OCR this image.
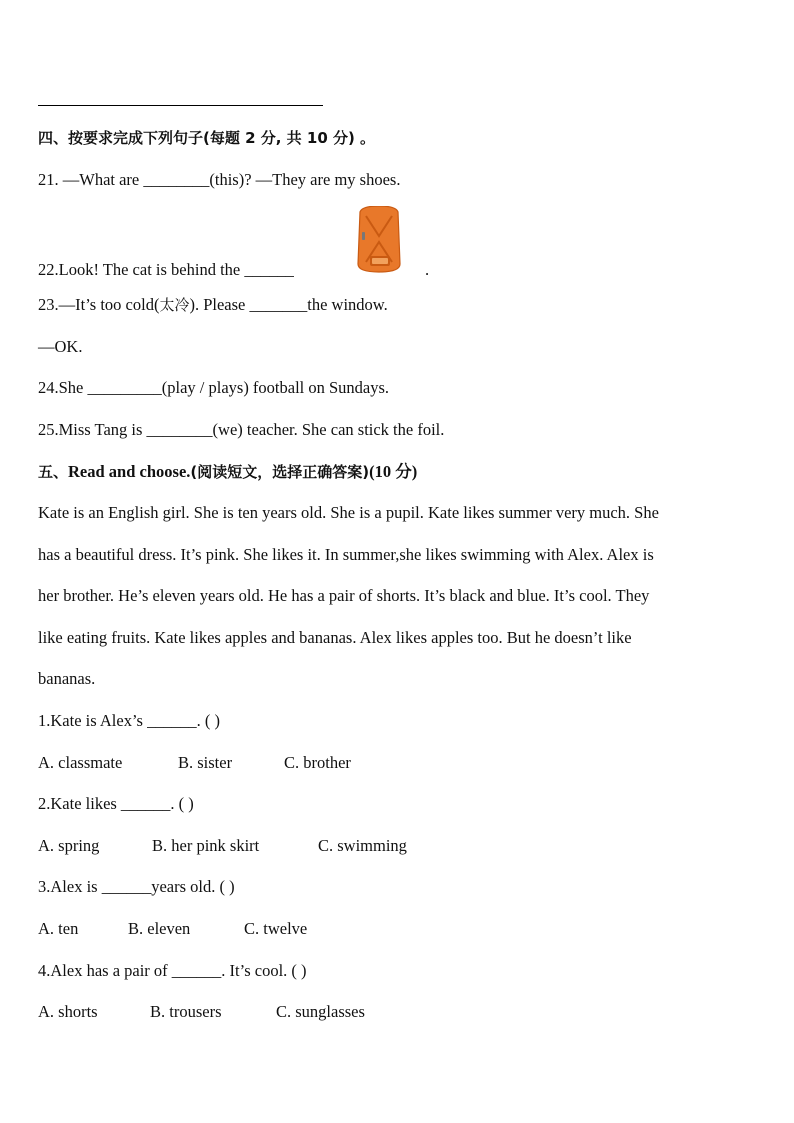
四、按要求完成下列句子(每题 2 分, 共 10 分) 。
21. —What are ________(this)? —They are my shoes.
22.Look! The cat is behind the ______	.
23.—It’s too cold(太冷). Please _______the window.
—OK.
24.She _________(play / plays) football on Sundays.
25.Miss Tang is ________(we) teacher. She can stick the foil.
五、Read and choose.(阅读短文，选择正确答案)(10 分)
Kate is an English girl. She is ten years old. She is a pupil. Kate likes summer very much. She
has a beautiful dress. It’s pink. She likes it. In summer,she likes swimming with Alex. Alex is
her brother. He’s eleven years old. He has a pair of shorts. It’s black and blue. It’s cool. They
like eating fruits. Kate likes apples and bananas. Alex likes apples too. But he doesn’t like
bananas.
1.Kate is Alex’s ______. ( )
A. classmate	B. sister	C. brother
2.Kate likes ______. ( )
A. spring	B. her pink skirt	C. swimming
3.Alex is ______years old. ( )
A. ten	B. eleven	C. twelve
4.Alex has a pair of ______. It’s cool. ( )
A. shorts	B. trousers	C. sunglasses
